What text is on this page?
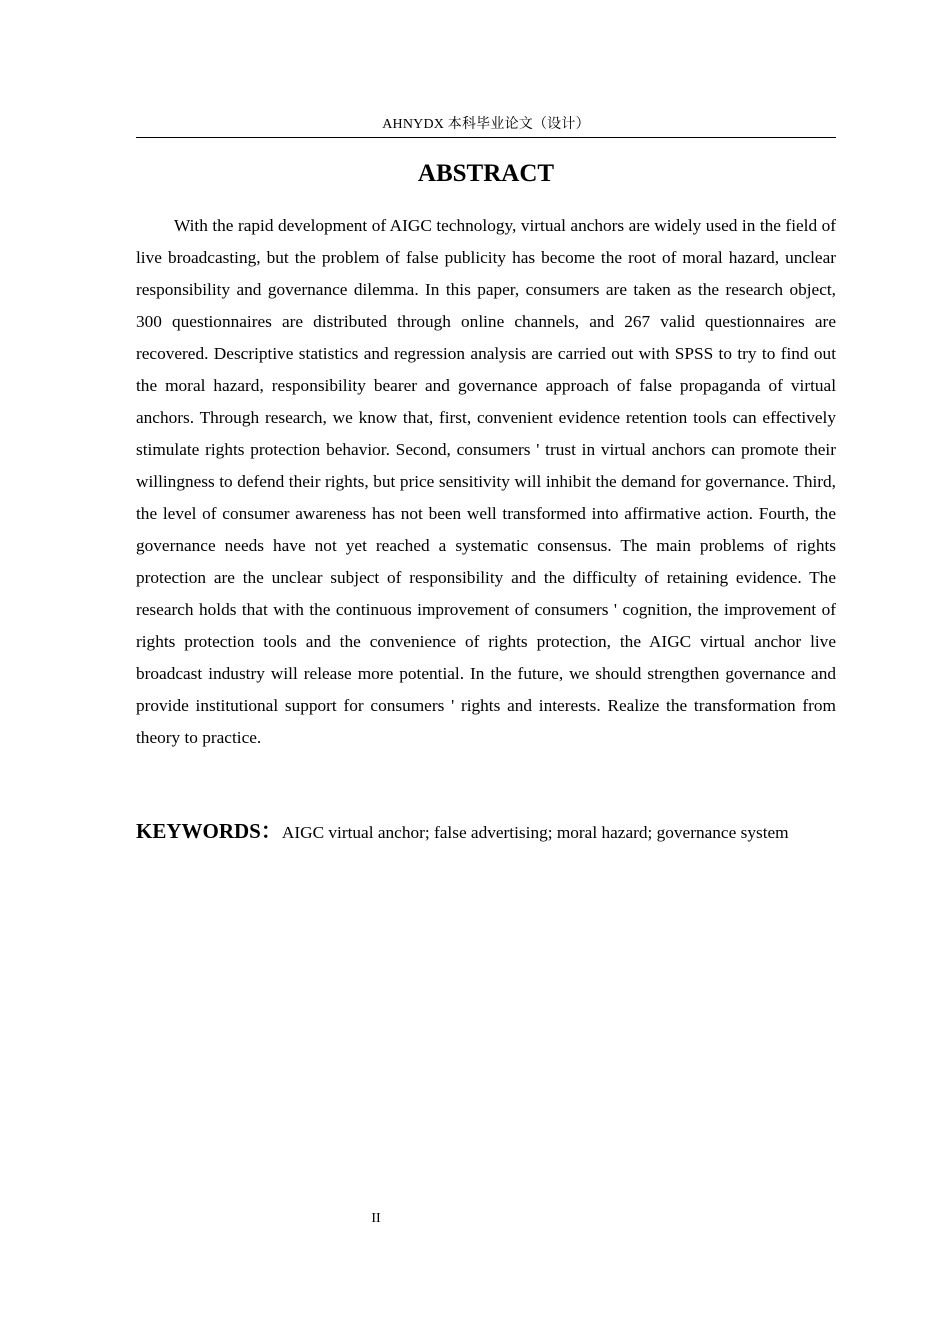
AHNYDX 本科毕业论文（设计）
ABSTRACT

With the rapid development of AIGC technology, virtual anchors are widely used in the field of live broadcasting, but the problem of false publicity has become the root of moral hazard, unclear responsibility and governance dilemma. In this paper, consumers are taken as the research object, 300 questionnaires are distributed through online channels, and 267 valid questionnaires are recovered. Descriptive statistics and regression analysis are carried out with SPSS to try to find out the moral hazard, responsibility bearer and governance approach of false propaganda of virtual anchors. Through research, we know that, first, convenient evidence retention tools can effectively stimulate rights protection behavior. Second, consumers ' trust in virtual anchors can promote their willingness to defend their rights, but price sensitivity will inhibit the demand for governance. Third, the level of consumer awareness has not been well transformed into affirmative action. Fourth, the governance needs have not yet reached a systematic consensus. The main problems of rights protection are the unclear subject of responsibility and the difficulty of retaining evidence. The research holds that with the continuous improvement of consumers ' cognition, the improvement of rights protection tools and the convenience of rights protection, the AIGC virtual anchor live broadcast industry will release more potential. In the future, we should strengthen governance and provide institutional support for consumers ' rights and interests. Realize the transformation from theory to practice.

KEYWORDS：AIGC virtual anchor; false advertising; moral hazard; governance system

II
